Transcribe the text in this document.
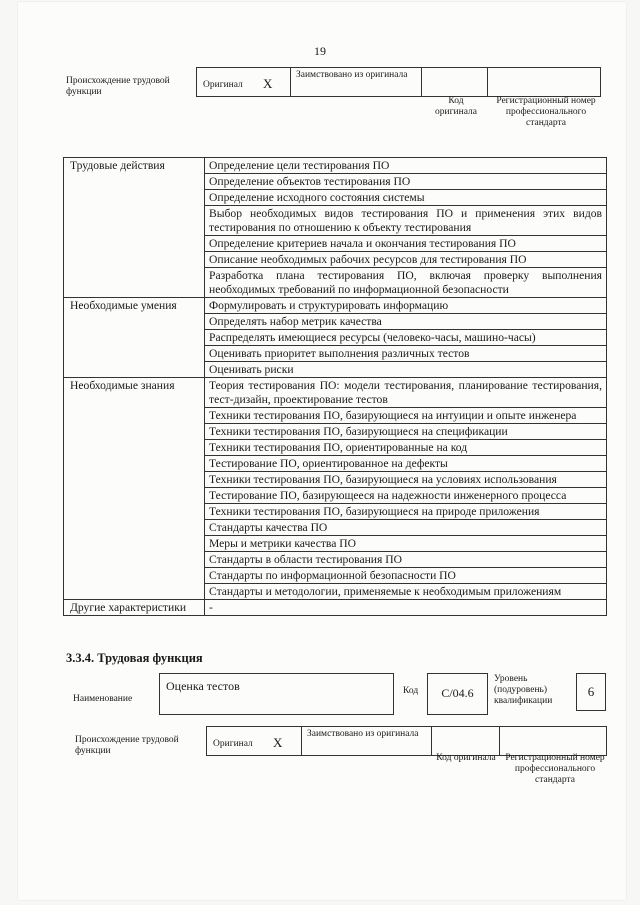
19
Происхождение трудовой функции
Оригинал X
Заимствовано из оригинала
Код оригинала
Регистрационный номер профессионального стандарта
Трудовые действия	Определение цели тестирования ПО
	Определение объектов тестирования ПО
	Определение исходного состояния системы
	Выбор необходимых видов тестирования ПО и применения этих видов тестирования по отношению к объекту тестирования
	Определение критериев начала и окончания тестирования ПО
	Описание необходимых рабочих ресурсов для тестирования ПО
	Разработка плана тестирования ПО, включая проверку выполнения необходимых требований по информационной безопасности
Необходимые умения	Формулировать и структурировать информацию
	Определять набор метрик качества
	Распределять имеющиеся ресурсы (человеко-часы, машино-часы)
	Оценивать приоритет выполнения различных тестов
	Оценивать риски
Необходимые знания	Теория тестирования ПО: модели тестирования, планирование тестирования, тест-дизайн, проектирование тестов
	Техники тестирования ПО, базирующиеся на интуиции и опыте инженера
	Техники тестирования ПО, базирующиеся на спецификации
	Техники тестирования ПО, ориентированные на код
	Тестирование ПО, ориентированное на дефекты
	Техники тестирования ПО, базирующиеся на условиях использования
	Тестирование ПО, базирующееся на надежности инженерного процесса
	Техники тестирования ПО, базирующиеся на природе приложения
	Стандарты качества ПО
	Меры и метрики качества ПО
	Стандарты в области тестирования ПО
	Стандарты по информационной безопасности ПО
	Стандарты и методологии, применяемые к необходимым приложениям
Другие характеристики	-
3.3.4. Трудовая функция
Наименование
Оценка тестов	Код	C/04.6
Уровень (подуровень) квалификации
6
Происхождение трудовой функции
Оригинал X
Заимствовано из оригинала
Код оригинала Регистрационный номер профессионального стандарта
